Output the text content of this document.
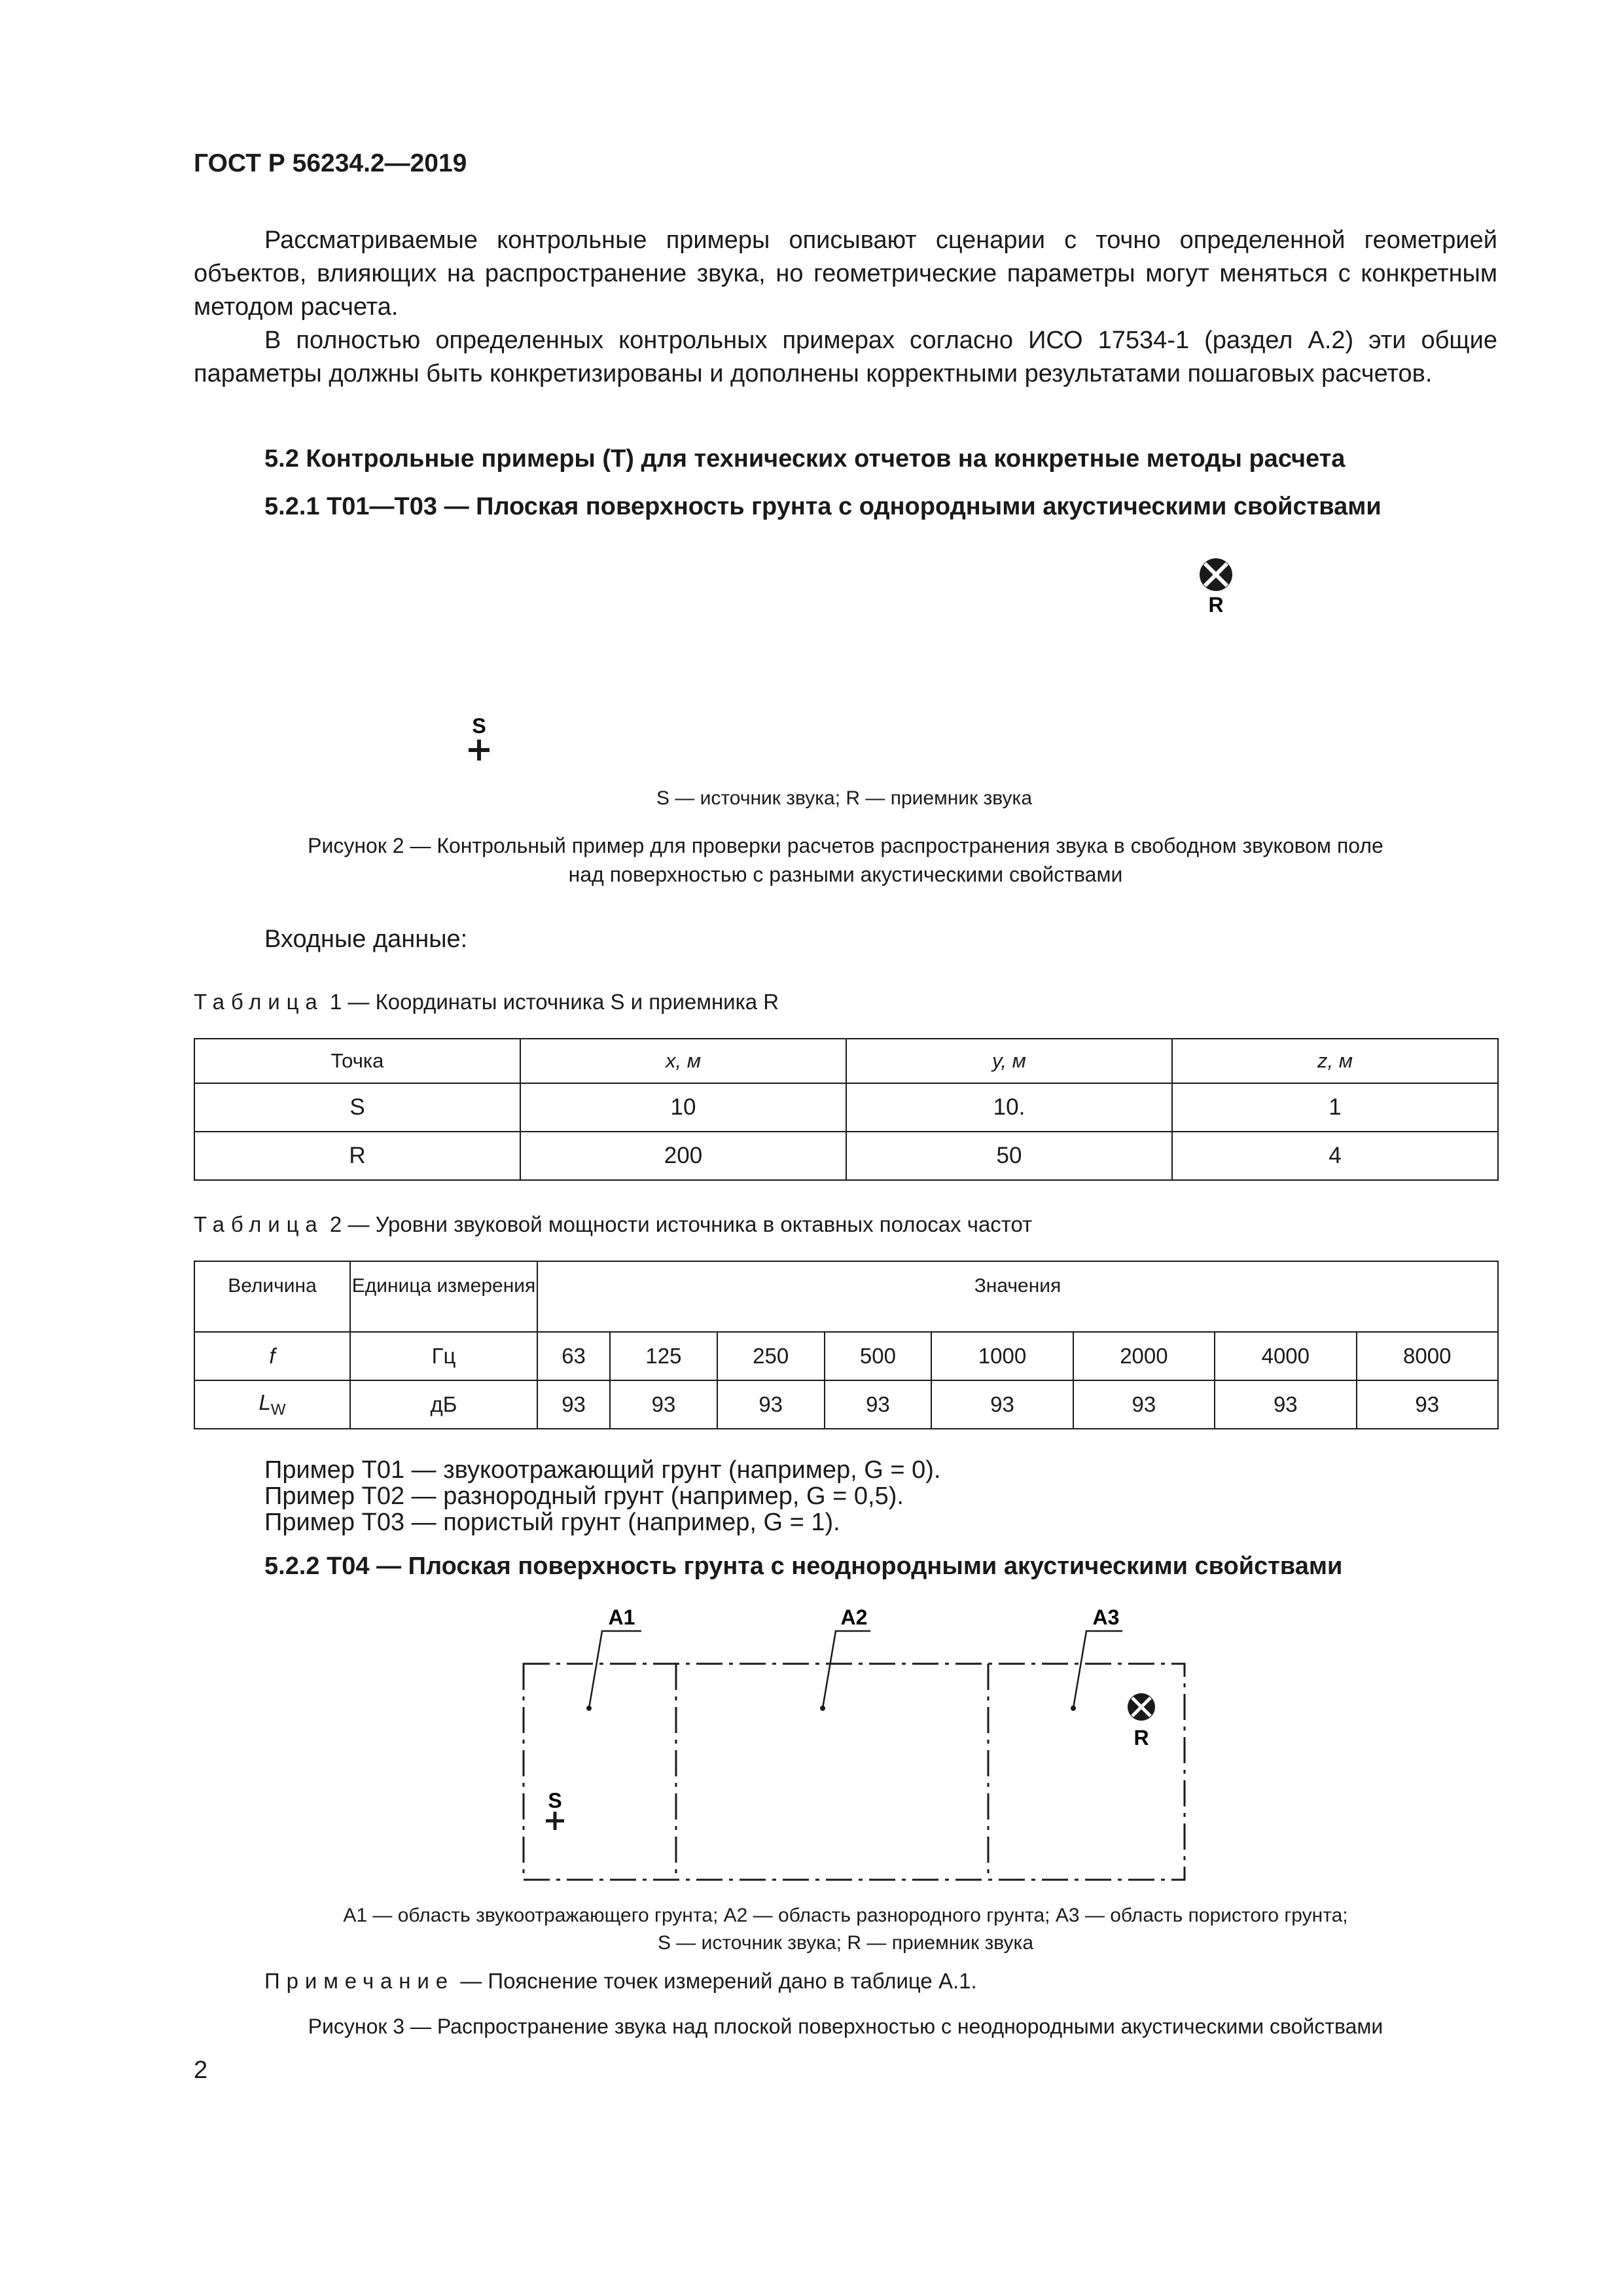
ГОСТ Р 56234.2—2019

Рассматриваемые контрольные примеры описывают сценарии с точно определенной геометрией объектов, влияющих на распространение звука, но геометрические параметры могут меняться с конкретным методом расчета.

В полностью определенных контрольных примерах согласно ИСО 17534-1 (раздел А.2) эти общие параметры должны быть конкретизированы и дополнены корректными результатами пошаговых расчетов.

5.2 Контрольные примеры (Т) для технических отчетов на конкретные методы расчета
5.2.1 Т01—Т03 — Плоская поверхность грунта с однородными акустическими свойствами
R
S
S — источник звука; R — приемник звука
Рисунок 2 — Контрольный пример для проверки расчетов распространения звука в свободном звуковом поле
над поверхностью с разными акустическими свойствами
Входные данные:
Таблица 1 — Координаты источника S и приемника R
Точка	x, м	y, м	z, м
S	10	10.	1
R	200	50	4
Таблица 2 — Уровни звуковой мощности источника в октавных полосах частот
Величина	Единица измерения	Значения							
f	Гц	63	125	250	500	1000	2000	4000	8000
$L_W$	дБ	93	93	93	93	93	93	93	93
Пример Т01 — звукоотражающий грунт (например, G = 0).
Пример Т02 — разнородный грунт (например, G = 0,5).
Пример Т03 — пористый грунт (например, G = 1).
5.2.2 Т04 — Плоская поверхность грунта с неоднородными акустическими свойствами
А1	А2	А3
R
S
А1 — область звукоотражающего грунта; А2 — область разнородного грунта; А3 — область пористого грунта;
S — источник звука; R — приемник звука
Примечание — Пояснение точек измерений дано в таблице А.1.
Рисунок 3 — Распространение звука над плоской поверхностью с неоднородными акустическими свойствами
2
